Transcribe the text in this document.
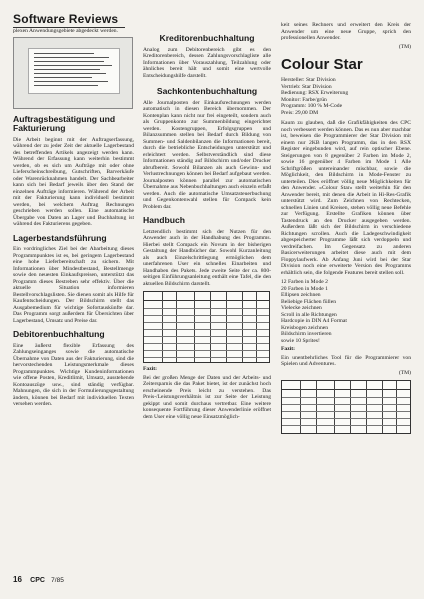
Software Reviews

plexen Anwendungsgebiete abgedeckt werden.

Auftragsbestätigung und Fakturierung

Die Arbeit beginnt mit der Auftragserfassung, während der zu jeder Zeit der aktuelle Lagerbestand des betreffenden Artikels angezeigt werden kann. Während der Erfassung kann weiterhin bestimmt werden, ob es sich um Aufträge mit oder ohne Lieferscheinschreibung, Gutschriften, Barverkäufe oder Warenrücknahmen handelt. Der Sachbearbeiter kann sich bei Bedarf jeweils über den Stand der einzelnen Aufträge informieren. Während der Arbeit mit der Fakturierung kann individuell bestimmt werden, bei welchem Auftrag Rechnungen geschrieben werden sollen. Eine automatische Übergabe von Daten an Lager und Buchhaltung ist während des Fakturierens gegeben.

Lagerbestandsführung

Ein vordringliches Ziel bei der Abarbeitung dieses Programmpunktes ist es, bei geringem Lagerbestand eine hohe Lieferbereitschaft zu sichern. Mit Informationen über Mindestbestand, Bestellmenge sowie den neuesten Einkaufspreisen, unterstützt das Programm dieses Bestreben sehr effektiv. Über die aktuelle Situation informieren Bestellvorschlagslisten. Sie dienen somit als Hilfe für Kaufentscheidungen. Der Bildschirm stellt das Ausgabemedium für wichtige Sofortauskünfte dar. Das Programm sorgt außerdem für Übersichten über Lagerbestand, Umsatz und Preise dar.

Debitorenbuchhaltung

Eine äußerst flexible Erfassung des Zahlungseinganges sowie die automatische Übernahme von Daten aus der Fakturierung, sind die hervorstechenden Leistungsmerkmale dieses Programmpunktes. Wichtige Kundeninformationen wie offene Posten, Kreditlimit, Umsatz, ausstehende Kontoauszüge usw., sind ständig verfügbar. Mahnungen, die sich in der Formulierungsgestaltung ändern, können bei Bedarf mit individuellen Texten versehen werden.

Kreditorenbuchhaltung

Analog zum Debitorenbereich gibt es den Kreditorenbereich, dessen Zahlungsvorschlagliste alle Informationen über Vorauszahlung, Teilzahlung oder ähnliches bereit hält und somit eine wertvolle Entscheidungshilfe darstellt.

Sachkontenbuchhaltung

Alle Journalposten der Einkaufsrechnungen werden automatisch in diesen Bereich übernommen. Der Kontenplan kann nicht nur frei eingeteilt, sondern auch als Gruppenkonto zur Summenbildung eingerichtet werden. Kostengruppen, Erfolgsgruppen und Bilanzsummen stellen bei Bedarf durch Bildung von Summen- und Saldenbilanzen die Informationen bereit, durch die betriebliche Entscheidungen unterstützt und erleichtert werden. Selbstverständlich sind diese Informationen ständig auf Bildschirm und/oder Drucker abrufbereit. Sowohl Bilanzen als auch Gewinn- und Verlustrechnungen können bei Bedarf aufgebaut werden. Journalposten können parallel zur automatischen Übernahme aus Nebenbuchhaltungen auch einzeln erfaßt werden. Auch die automatische Umsatzsteuerbuchung und Gegenkontenwahl stellen für Compack kein Problem dar.

Handbuch

Letztendlich bestimmt sich der Nutzen für den Anwender auch in der Handhabung des Programms. Hierbei stellt Compack ein Novum in der bisherigen Gestaltung der Handbücher dar. Sowohl Kurzanleitung als auch Einzelschrittlegung ermöglichen dem unerfahrenen User ein schnelles Einarbeiten und Handhaben des Pakets. Jede zweite Seite der ca. 800-seitigen Einführungsanleitung enthält eine Tafel, die den aktuellen Bildschirm darstellt.

Fazit:

Bei der großen Menge der Daten und der Arbeits- und Zeitersparnis die das Paket bietet, ist der zunächst hoch erscheinende Preis leicht zu verstehen. Das Preis-/Leistungsverhältnis ist zur Seite der Leistung gekippt und somit durchaus vertretbar. Eine weitere konsequente Fortführung dieser Anwenderlinie eröffnet dem User eine völlig neue Einsatzmöglich-

keit seines Rechners und erweitert den Kreis der Anwender um eine neue Gruppe, sprich den professionellen Anwender.

(TM)

Colour Star

Hersteller: Star Division

Vertrieb: Star Division

Bedienung: RSX Erweiterung

Monitor: Farbe/grün

Programm: 100 % M-Code

Preis: 29,00 DM

Kaum zu glauben, daß die Grafikfähigkeiten des CPC noch verbessert werden können. Das es nun aber machbar ist, beweisen die Programmierer der Star Division mit einem nur 2KB langen Programm, das in den RSX Register eingebunden wird, auf rein optischer Ebene. Steigerungen von 8 gegenüber 2 Farben im Mode 2, sowie 16 gegenüber 4 Farben im Mode 1 Alle Schriftgrößen untereinander mischbar, sowie die Möglichkeit, den Bildschirm in Mode-Fenster zu unterteilen. Dies eröffnet völlig neue Möglichkeiten für den Anwender. »Colour Star« stellt weiterhin für den Anwender bereit, mit denen die Arbeit in Hi-Res-Grafik unterstützt wird. Zum Zeichnen von Rechtecken, schnellen Linien und Kreisen, stehen völlig neue Befehle zur Verfügung. Erstellte Grafiken können über Tastendruck an den Drucker ausgegeben werden. Außerdem läßt sich der Bildschirm in verschiedene Richtungen scrollen. Auch die Ladegeschwindigkeit abgespeicherter Programme läßt sich verdoppeln und verdreifachen. Im Gegensatz zu anderen Basicerweiterungen arbeitet diese auch mit dem Floppylaufwerk. Ab Anfang Juni wird bei der Star Division noch eine erweiterte Version des Programms erhältlich sein, die folgende Features bereit stellen soll.

12 Farben in Mode 2

20 Farben in Mode 1

Ellipsen zeichnen

Beliebige Flächen füllen

Vielecke zeichnen

Scroll in alle Richtungen

Hardcopie in DIN A4 Format

Kreisbogen zeichnen

Bildschirm invertieren

sowie 10 Sprites!

Fazit:

Ein unentbehrliches Tool für die Programmierer von Spielen und Adventures.

(TM)

16 CPC 7/85
